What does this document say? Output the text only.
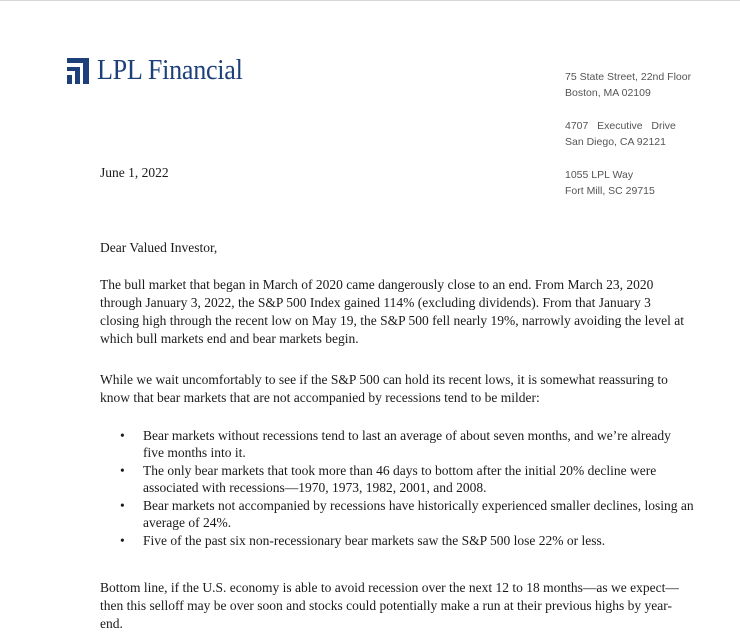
LPL Financial	75 State Street, 22nd Floor
Boston, MA 02109
4707   Executive   Drive
San Diego, CA 92121
1055 LPL Way
Fort Mill, SC 29715
June 1, 2022
Dear Valued Investor,

The bull market that began in March of 2020 came dangerously close to an end. From March 23, 2020 through January 3, 2022, the S&P 500 Index gained 114% (excluding dividends). From that January 3 closing high through the recent low on May 19, the S&P 500 fell nearly 19%, narrowly avoiding the level at which bull markets end and bear markets begin.

While we wait uncomfortably to see if the S&P 500 can hold its recent lows, it is somewhat reassuring to know that bear markets that are not accompanied by recessions tend to be milder:

• Bear markets without recessions tend to last an average of about seven months, and we’re already five months into it.
• The only bear markets that took more than 46 days to bottom after the initial 20% decline were associated with recessions—1970, 1973, 1982, 2001, and 2008.
• Bear markets not accompanied by recessions have historically experienced smaller declines, losing an average of 24%.
• Five of the past six non-recessionary bear markets saw the S&P 500 lose 22% or less.

Bottom line, if the U.S. economy is able to avoid recession over the next 12 to 18 months—as we expect—then this selloff may be over soon and stocks could potentially make a run at their previous highs by year-end.
